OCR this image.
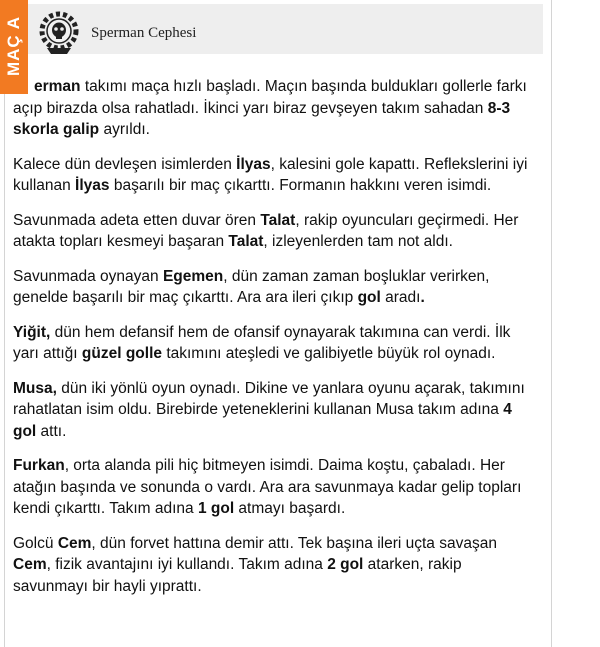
Sperman Cephesi
MAÇ A

erman takımı maça hızlı başladı. Maçın başında buldukları gollerle farkı açıp birazda olsa rahatladı. İkinci yarı biraz gevşeyen takım sahadan 8-3 skorla galip ayrıldı.

Kalece dün devleşen isimlerden İlyas, kalesini gole kapattı. Reflekslerini iyi kullanan İlyas başarılı bir maç çıkarttı. Formanın hakkını veren isimdi.

Savunmada adeta etten duvar ören Talat, rakip oyuncuları geçirmedi. Her atakta topları kesmeyi başaran Talat, izleyenlerden tam not aldı.

Savunmada oynayan Egemen, dün zaman zaman boşluklar verirken, genelde başarılı bir maç çıkarttı. Ara ara ileri çıkıp gol aradı.

Yiğit, dün hem defansif hem de ofansif oynayarak takımına can verdi. İlk yarı attığı güzel golle takımını ateşledi ve galibiyetle büyük rol oynadı.

Musa, dün iki yönlü oyun oynadı. Dikine ve yanlara oyunu açarak, takımını rahatlatan isim oldu. Birebirde yeteneklerini kullanan Musa takım adına 4 gol attı.

Furkan, orta alanda pili hiç bitmeyen isimdi. Daima koştu, çabaladı. Her atağın başında ve sonunda o vardı. Ara ara savunmaya kadar gelip topları kendi çıkarttı. Takım adına 1 gol atmayı başardı.

Golcü Cem, dün forvet hattına demir attı. Tek başına ileri uçta savaşan Cem, fizik avantajını iyi kullandı. Takım adına 2 gol atarken, rakip savunmayı bir hayli yıprattı.
